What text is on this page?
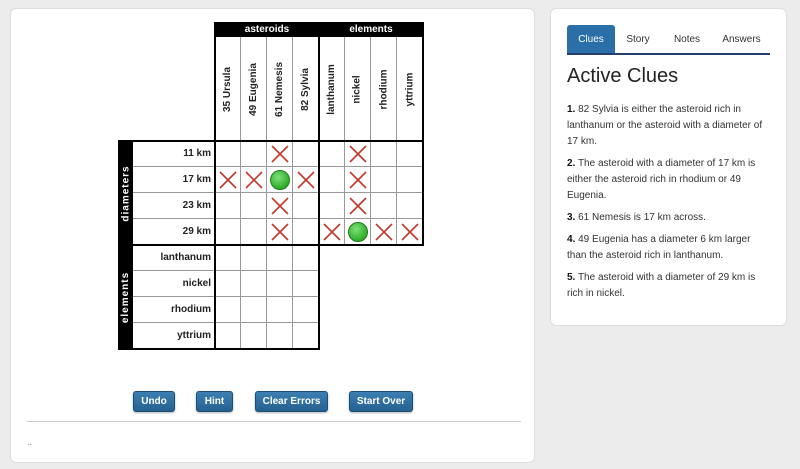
asteroids	elements
35 Ursula 49 Eugenia 61 Nemesis 82 Sylvia lanthanum nickel rhodium yttrium
diameters
elements
11 km
17 km
23 km
29 km
lanthanum
nickel
rhodium
yttrium
Undo	Hint	Clear Errors	Start Over
..
Clues	Story	Notes	Answers
Active Clues
1. 82 Sylvia is either the asteroid rich in lanthanum or the asteroid with a diameter of 17 km.
2. The asteroid with a diameter of 17 km is either the asteroid rich in rhodium or 49 Eugenia.
3. 61 Nemesis is 17 km across.
4. 49 Eugenia has a diameter 6 km larger than the asteroid rich in lanthanum.
5. The asteroid with a diameter of 29 km is rich in nickel.
